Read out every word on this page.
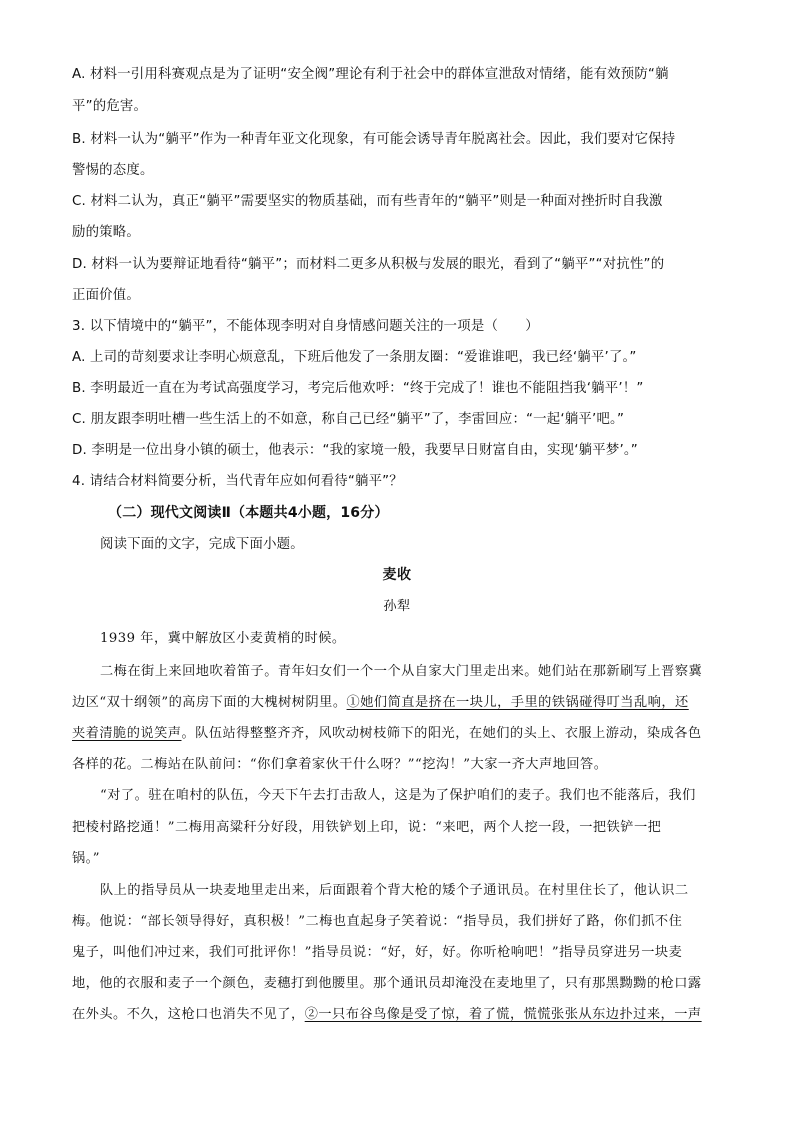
A. 材料一引用科赛观点是为了证明“安全阀”理论有利于社会中的群体宣泄敌对情绪，能有效预防“躺
平”的危害。
B. 材料一认为“躺平”作为一种青年亚文化现象，有可能会诱导青年脱离社会。因此，我们要对它保持
警惕的态度。
C. 材料二认为，真正“躺平”需要坚实的物质基础，而有些青年的“躺平”则是一种面对挫折时自我激
励的策略。
D. 材料一认为要辩证地看待“躺平”；而材料二更多从积极与发展的眼光，看到了“躺平”“对抗性”的
正面价值。
3. 以下情境中的“躺平”，不能体现李明对自身情感问题关注的一项是（　　）
A. 上司的苛刻要求让李明心烦意乱，下班后他发了一条朋友圈：“爱谁谁吧，我已经‘躺平’了。”
B. 李明最近一直在为考试高强度学习，考完后他欢呼：“终于完成了！谁也不能阻挡我‘躺平’！”
C. 朋友跟李明吐槽一些生活上的不如意，称自己已经“躺平”了，李雷回应：“一起‘躺平’吧。”
D. 李明是一位出身小镇的硕士，他表示：“我的家境一般，我要早日财富自由，实现‘躺平梦’。”
4. 请结合材料简要分析，当代青年应如何看待“躺平”？
（二）现代文阅读Ⅱ（本题共4小题，16分）
阅读下面的文字，完成下面小题。
麦收
孙犁
1939 年，冀中解放区小麦黄梢的时候。
二梅在街上来回地吹着笛子。青年妇女们一个一个从自家大门里走出来。她们站在那新刷写上晋察冀
边区“双十纲领”的高房下面的大槐树树阴里。①她们简直是挤在一块儿，手里的铁锅碰得叮当乱响，还
夹着清脆的说笑声。队伍站得整整齐齐，风吹动树枝筛下的阳光，在她们的头上、衣服上游动，染成各色
各样的花。二梅站在队前问：“你们拿着家伙干什么呀？”“挖沟！”大家一齐大声地回答。
“对了。驻在咱村的队伍，今天下午去打击敌人，这是为了保护咱们的麦子。我们也不能落后，我们
把棱村路挖通！”二梅用高粱秆分好段，用铁铲划上印，说：“来吧，两个人挖一段，一把铁铲一把
锅。”
队上的指导员从一块麦地里走出来，后面跟着个背大枪的矮个子通讯员。在村里住长了，他认识二
梅。他说：“部长领导得好，真积极！”二梅也直起身子笑着说：“指导员，我们拼好了路，你们抓不住
鬼子，叫他们冲过来，我们可批评你！”指导员说：“好，好，好。你听枪响吧！”指导员穿进另一块麦
地，他的衣服和麦子一个颜色，麦穗打到他腰里。那个通讯员却淹没在麦地里了，只有那黑黝黝的枪口露
在外头。不久，这枪口也消失不见了，②一只布谷鸟像是受了惊，着了慌，慌慌张张从东边扑过来，一声
